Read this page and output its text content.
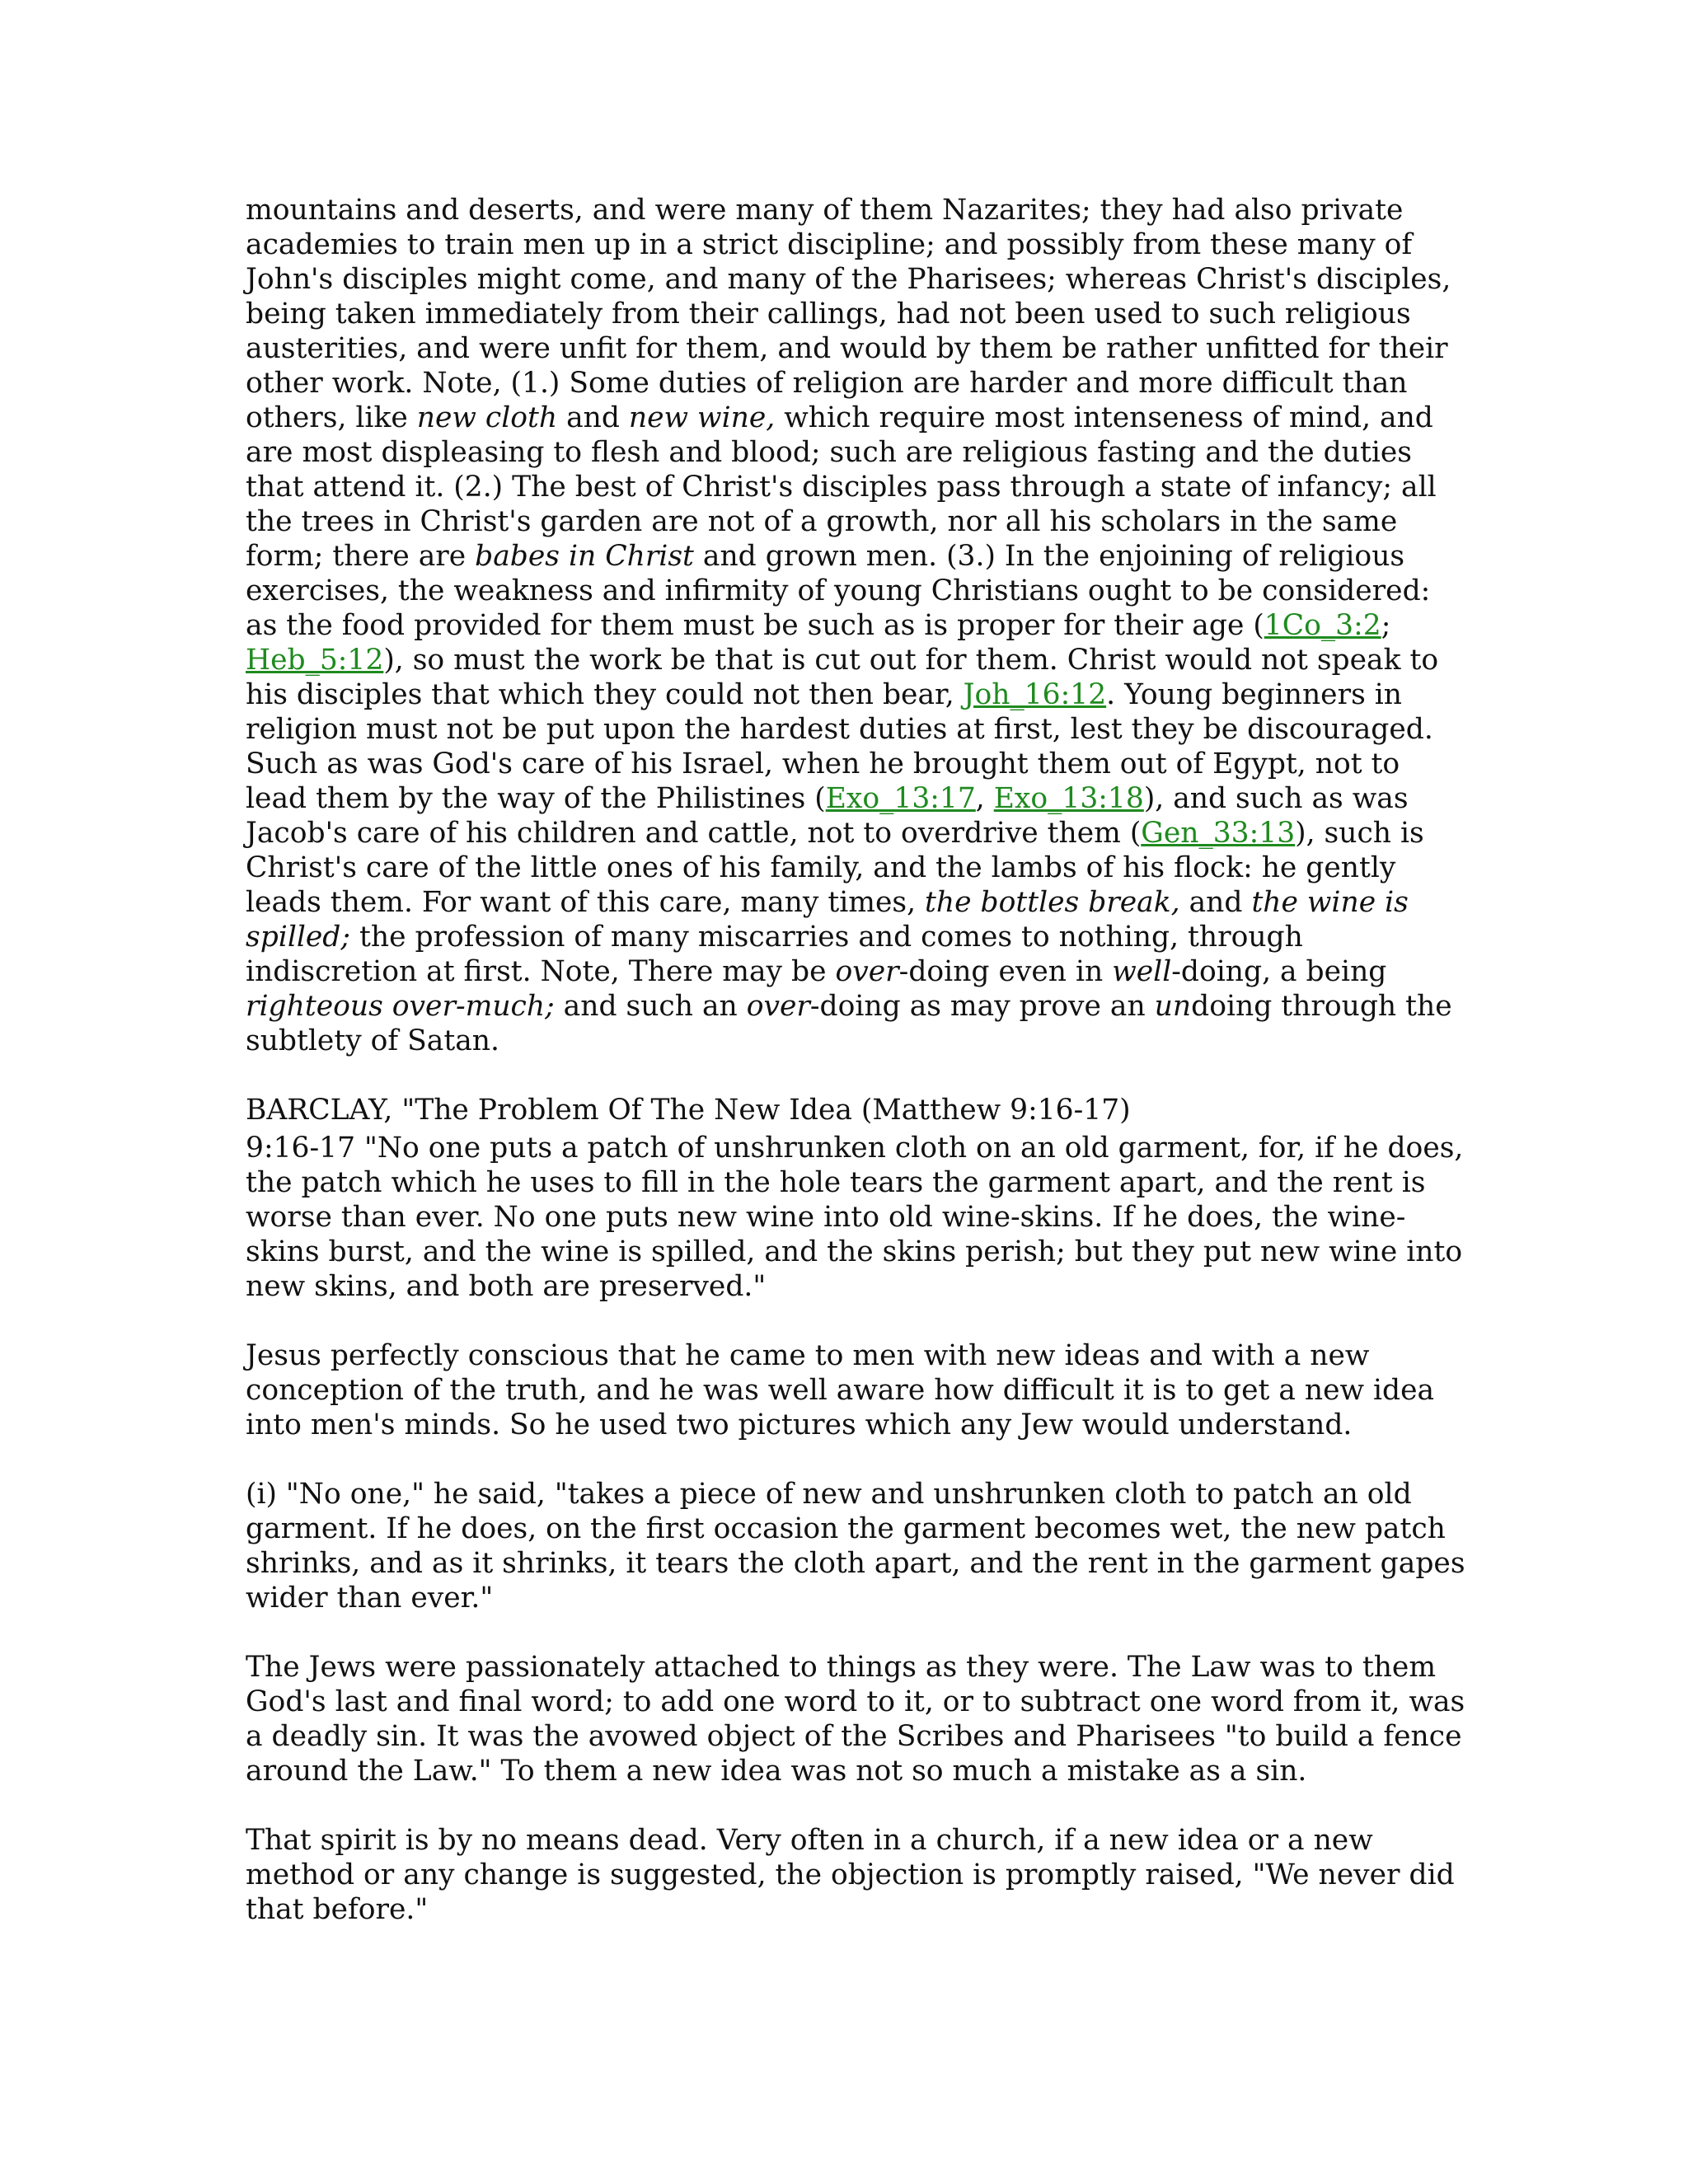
mountains and deserts, and were many of them Nazarites; they had also private academies to train men up in a strict discipline; and possibly from these many of John's disciples might come, and many of the Pharisees; whereas Christ's disciples, being taken immediately from their callings, had not been used to such religious austerities, and were unfit for them, and would by them be rather unfitted for their other work. Note, (1.) Some duties of religion are harder and more difficult than others, like new cloth and new wine, which require most intenseness of mind, and are most displeasing to flesh and blood; such are religious fasting and the duties that attend it. (2.) The best of Christ's disciples pass through a state of infancy; all the trees in Christ's garden are not of a growth, nor all his scholars in the same form; there are babes in Christ and grown men. (3.) In the enjoining of religious exercises, the weakness and infirmity of young Christians ought to be considered: as the food provided for them must be such as is proper for their age (1Co_3:2; Heb_5:12), so must the work be that is cut out for them. Christ would not speak to his disciples that which they could not then bear, Joh_16:12. Young beginners in religion must not be put upon the hardest duties at first, lest they be discouraged. Such as was God's care of his Israel, when he brought them out of Egypt, not to lead them by the way of the Philistines (Exo_13:17, Exo_13:18), and such as was Jacob's care of his children and cattle, not to overdrive them (Gen_33:13), such is Christ's care of the little ones of his family, and the lambs of his flock: he gently leads them. For want of this care, many times, the bottles break, and the wine is spilled; the profession of many miscarries and comes to nothing, through indiscretion at first. Note, There may be over-doing even in well-doing, a being righteous over-much; and such an over-doing as may prove an undoing through the subtlety of Satan.

BARCLAY, "The Problem Of The New Idea (Matthew 9:16-17)

9:16-17 "No one puts a patch of unshrunken cloth on an old garment, for, if he does, the patch which he uses to fill in the hole tears the garment apart, and the rent is worse than ever. No one puts new wine into old wine-skins. If he does, the wine-skins burst, and the wine is spilled, and the skins perish; but they put new wine into new skins, and both are preserved."

Jesus perfectly conscious that he came to men with new ideas and with a new conception of the truth, and he was well aware how difficult it is to get a new idea into men's minds. So he used two pictures which any Jew would understand.

(i) "No one," he said, "takes a piece of new and unshrunken cloth to patch an old garment. If he does, on the first occasion the garment becomes wet, the new patch shrinks, and as it shrinks, it tears the cloth apart, and the rent in the garment gapes wider than ever."

The Jews were passionately attached to things as they were. The Law was to them God's last and final word; to add one word to it, or to subtract one word from it, was a deadly sin. It was the avowed object of the Scribes and Pharisees "to build a fence around the Law." To them a new idea was not so much a mistake as a sin.

That spirit is by no means dead. Very often in a church, if a new idea or a new method or any change is suggested, the objection is promptly raised, "We never did that before."
